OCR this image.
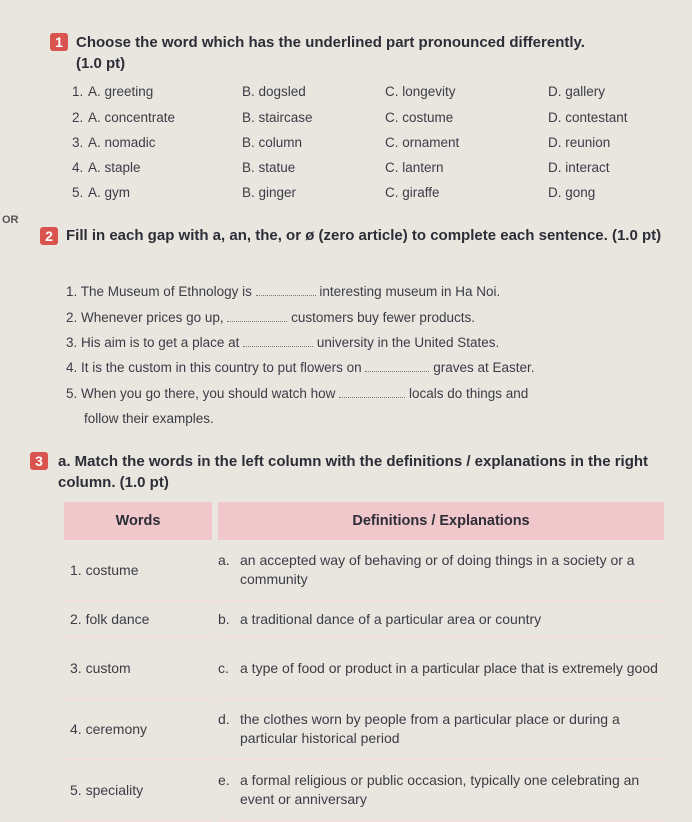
OR
1 Choose the word which has the underlined part pronounced differently.
(1.0 pt)
1. A. greeting	B. dogsled	C. longevity	D. gallery
2. A. concentrate	B. staircase	C. costume	D. contestant
3. A. nomadic	B. column	C. ornament	D. reunion
4. A. staple	B. statue	C. lantern	D. interact
5. A. gym	B. ginger	C. giraffe	D. gong
2 Fill in each gap with a, an, the, or ø (zero article) to complete each sentence. (1.0 pt)
1. The Museum of Ethnology is	interesting museum in Ha Noi.
2. Whenever prices go up,	customers buy fewer products.
3. His aim is to get a place at	university in the United States.
4. It is the custom in this country to put flowers on	graves at Easter.
5. When you go there, you should watch how	locals do things and
follow their examples.
3	a. Match the words in the left column with the definitions / explanations in the right column. (1.0 pt)
Words	Definitions / Explanations
1. costume	a. an accepted way of behaving or of doing things in a society or a community
2. folk dance	b. a traditional dance of a particular area or country
3. custom	c. a type of food or product in a particular place that is extremely good
4. ceremony	d. the clothes worn by people from a particular place or during a particular historical period
5. speciality	e. a formal religious or public occasion, typically one celebrating an event or anniversary
